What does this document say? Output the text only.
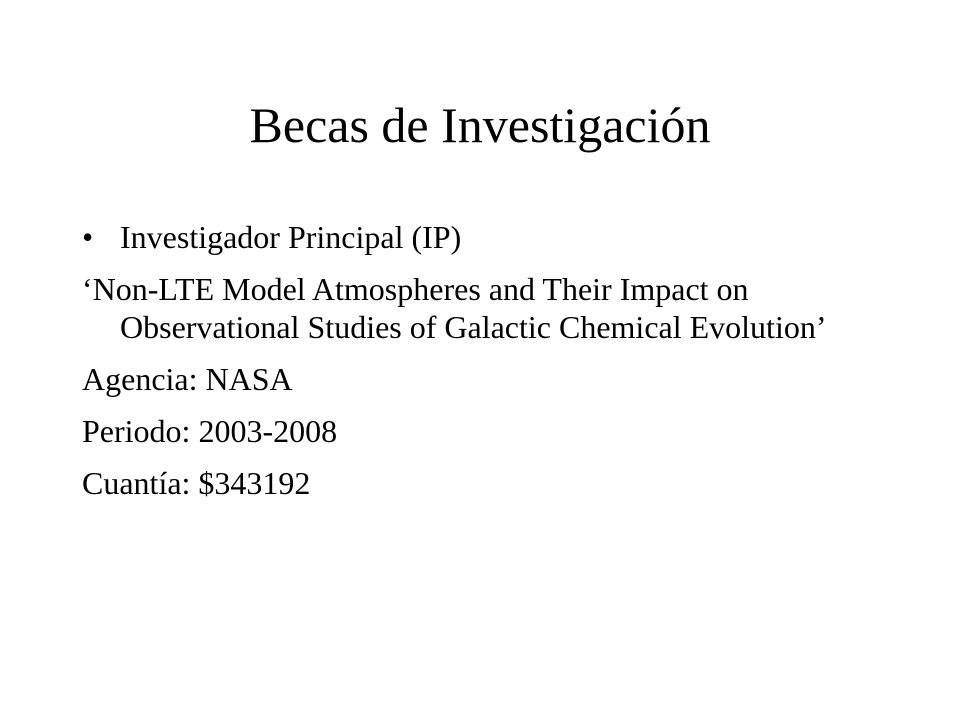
Becas de Investigación
• Investigador Principal (IP)
‘Non-LTE Model Atmospheres and Their Impact on Observational Studies of Galactic Chemical Evolution’
Agencia: NASA
Periodo: 2003-2008
Cuantía: $343192
